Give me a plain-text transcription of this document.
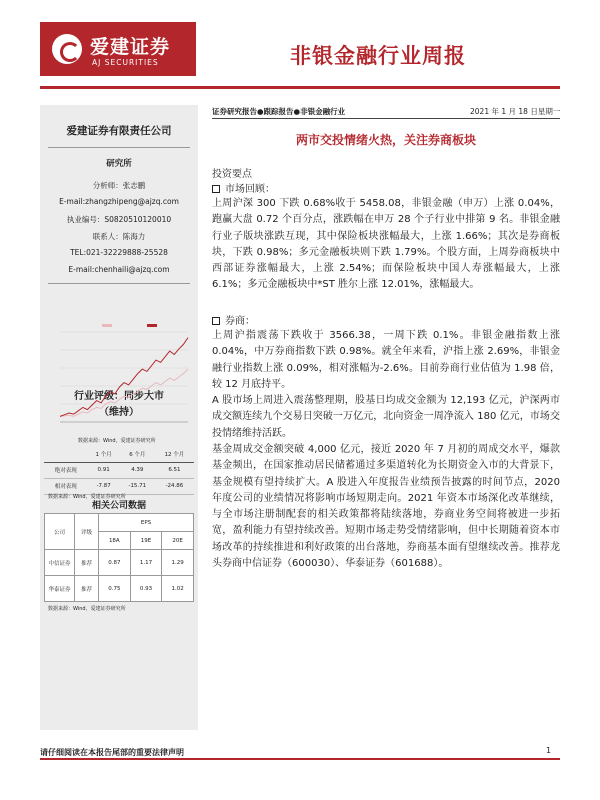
爱建证券
AJ SECURITIES	非银金融行业周报
证券研究报告●跟踪报告●非银金融行业	2021 年 1 月 18 日星期一
两市交投情绪火热，关注券商板块
爱建证券有限责任公司
研究所
分析师：张志鹏
E-mail:zhangzhipeng@ajzq.com
执业编号：S0820510120010
联系人：陈海力
TEL:021-32229888-25528
E-mail:chenhaili@ajzq.com
行业评级：同步大市
（维持）
相关公司数据
数据来源：Wind，爱建证券研究所
	1 个月	6 个月	12 个月
绝对表现	0.91	4.39	6.51
相对表现	-7.87	-15.71	-24.86
数据来源：Wind，爱建证券研究所
公司	评级	EPS		
		18A	19E	20E
中信证券	推荐	0.87	1.17	1.29
华泰证券	推荐	0.75	0.93	1.02
数据来源：Wind，爱建证券研究所
投资要点
市场回顾：
上周沪深 300 下跌 0.68%收于 5458.08，非银金融（申万）上涨 0.04%，跑赢大盘 0.72 个百分点，涨跌幅在申万 28 个子行业中排第 9 名。非银金融行业子版块涨跌互现，其中保险板块涨幅最大，上涨 1.66%；其次是券商板块，下跌 0.98%；多元金融板块则下跌 1.79%。个股方面，上周券商板块中西部证券涨幅最大，上涨 2.54%；而保险板块中国人寿涨幅最大，上涨 6.1%；多元金融板块中*ST 胜尔上涨 12.01%，涨幅最大。
券商：
上周沪指震荡下跌收于 3566.38，一周下跌 0.1%。非银金融指数上涨 0.04%，中万券商指数下跌 0.98%。就全年来看，沪指上涨 2.69%，非银金融行业指数上涨 0.09%，相对涨幅为-2.6%。目前券商行业估值为 1.98 倍，较 12 月底持平。
A 股市场上周进入震荡整理期，股基日均成交金额为 12,193 亿元，沪深两市成交额连续九个交易日突破一万亿元，北向资金一周净流入 180 亿元，市场交投情绪维持活跃。
基金周成交金额突破 4,000 亿元，接近 2020 年 7 月初的周成交水平，爆款基金频出，在国家推动居民储蓄通过多渠道转化为长期资金入市的大背景下，基金规模有望持续扩大。A 股进入年度报告业绩预告披露的时间节点，2020 年度公司的业绩情况将影响市场短期走向。2021 年资本市场深化改革继续，与全市场注册制配套的相关政策都将陆续落地，券商业务空间将被进一步拓宽，盈利能力有望持续改善。短期市场走势受情绪影响，但中长期随着资本市场改革的持续推进和利好政策的出台落地，券商基本面有望继续改善。推荐龙头券商中信证券（600030）、华泰证券（601688）。
请仔细阅读在本报告尾部的重要法律声明	1
